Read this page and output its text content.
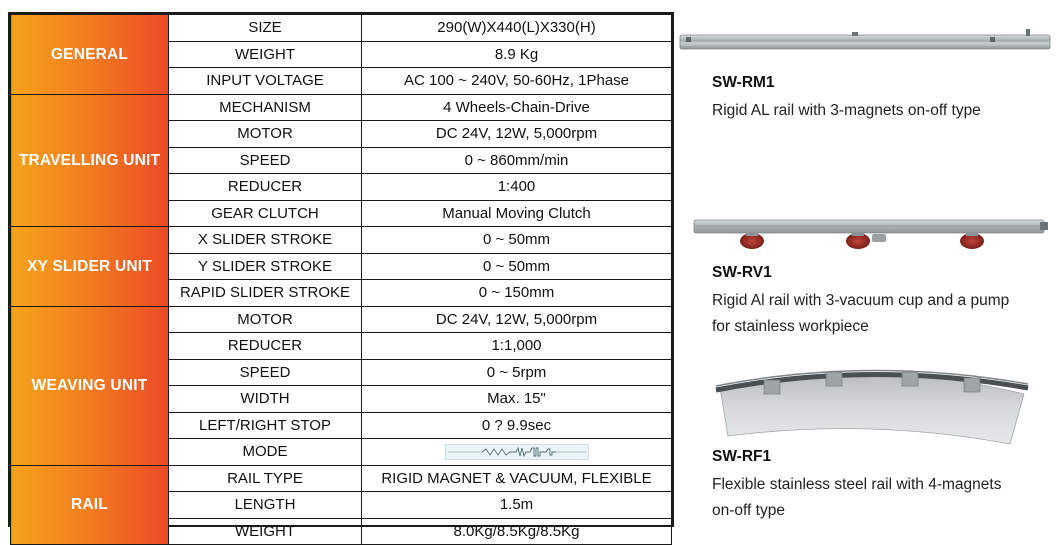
GENERAL	SIZE	290(W)X440(L)X330(H)
	WEIGHT	8.9 Kg
	INPUT VOLTAGE	AC 100 ~ 240V, 50-60Hz, 1Phase
TRAVELLING UNIT	MECHANISM	4 Wheels-Chain-Drive
	MOTOR	DC 24V, 12W, 5,000rpm
	SPEED	0 ~ 860mm/min
	REDUCER	1:400
	GEAR CLUTCH	Manual Moving Clutch
XY SLIDER UNIT	X SLIDER STROKE	0 ~ 50mm
	Y SLIDER STROKE	0 ~ 50mm
	RAPID SLIDER STROKE	0 ~ 150mm
WEAVING UNIT	MOTOR	DC 24V, 12W, 5,000rpm
	REDUCER	1:1,000
	SPEED	0 ~ 5rpm
	WIDTH	Max. 15"
	LEFT/RIGHT STOP	0 ? 9.9sec
	MODE	

RAIL	RAIL TYPE	RIGID MAGNET & VACUUM, FLEXIBLE
	LENGTH	1.5m
	WEIGHT	8.0Kg/8.5Kg/8.5Kg
SW-RM1
Rigid AL rail with 3-magnets on-off type
SW-RV1
Rigid Al rail with 3-vacuum cup and a pump
for stainless workpiece
SW-RF1
Flexible stainless steel rail with 4-magnets
on-off type
